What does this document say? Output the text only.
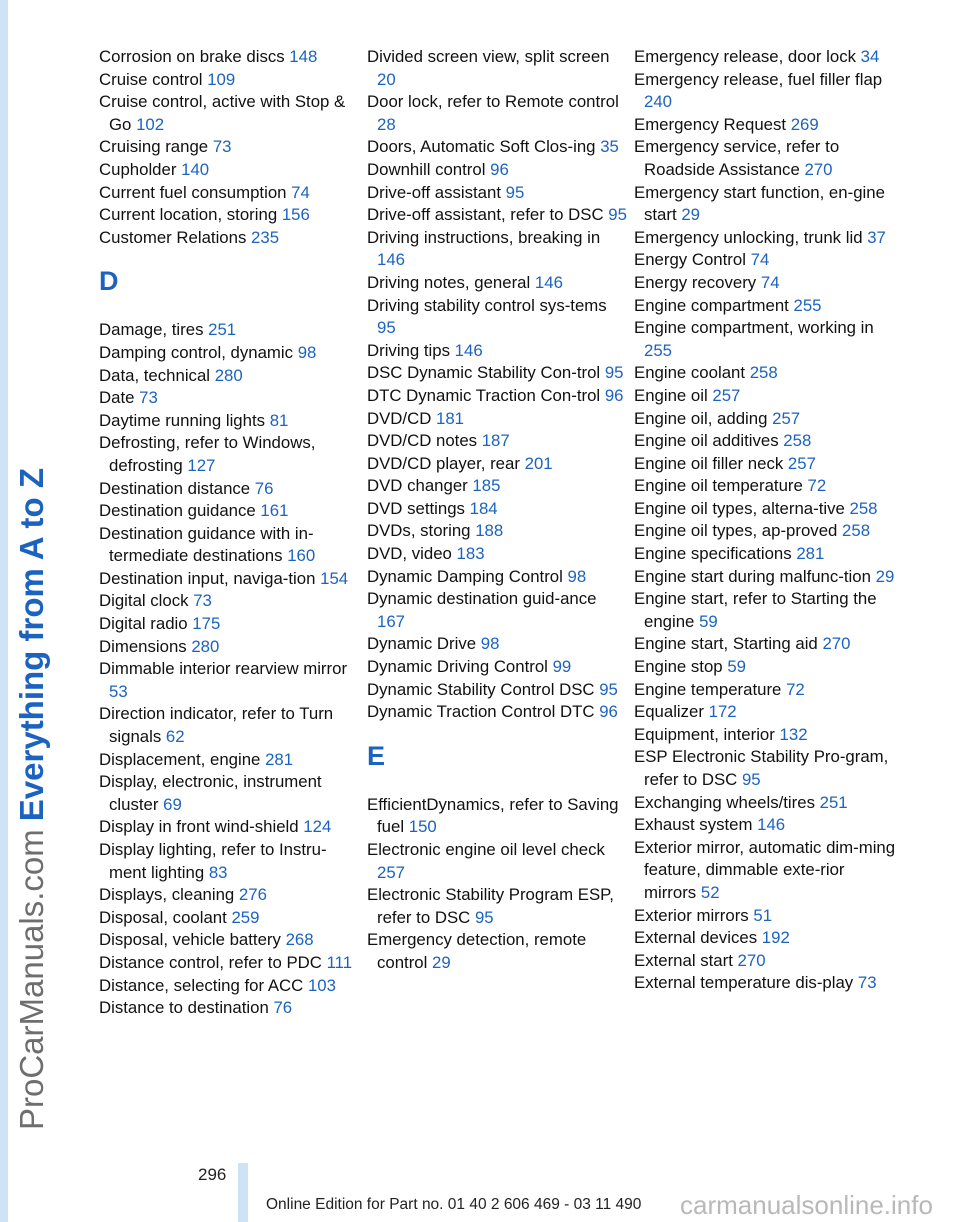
ProCarManuals.comEverything from A to Z
Corrosion on brake discs 148
Cruise control 109
Cruise control, active with Stop & Go 102
Cruising range 73
Cupholder 140
Current fuel consumption 74
Current location, storing 156
Customer Relations 235
D
Damage, tires 251
Damping control, dynamic 98
Data, technical 280
Date 73
Daytime running lights 81
Defrosting, refer to Windows, defrosting 127
Destination distance 76
Destination guidance 161
Destination guidance with in‐termediate destinations 160
Destination input, naviga‐tion 154
Digital clock 73
Digital radio 175
Dimensions 280
Dimmable interior rearview mirror 53
Direction indicator, refer to Turn signals 62
Displacement, engine 281
Display, electronic, instrument cluster 69
Display in front wind‐shield 124
Display lighting, refer to Instru‐ment lighting 83
Displays, cleaning 276
Disposal, coolant 259
Disposal, vehicle battery 268
Distance control, refer to PDC 111
Distance, selecting for ACC 103
Distance to destination 76
Divided screen view, split screen 20
Door lock, refer to Remote control 28
Doors, Automatic Soft Clos‐ing 35
Downhill control 96
Drive-off assistant 95
Drive-off assistant, refer to DSC 95
Driving instructions, breaking in 146
Driving notes, general 146
Driving stability control sys‐tems 95
Driving tips 146
DSC Dynamic Stability Con‐trol 95
DTC Dynamic Traction Con‐trol 96
DVD/CD 181
DVD/CD notes 187
DVD/CD player, rear 201
DVD changer 185
DVD settings 184
DVDs, storing 188
DVD, video 183
Dynamic Damping Control 98
Dynamic destination guid‐ance 167
Dynamic Drive 98
Dynamic Driving Control 99
Dynamic Stability Control DSC 95
Dynamic Traction Control DTC 96
E
EfficientDynamics, refer to Saving fuel 150
Electronic engine oil level check 257
Electronic Stability Program ESP, refer to DSC 95
Emergency detection, remote control 29
Emergency release, door lock 34
Emergency release, fuel filler flap 240
Emergency Request 269
Emergency service, refer to Roadside Assistance 270
Emergency start function, en‐gine start 29
Emergency unlocking, trunk lid 37
Energy Control 74
Energy recovery 74
Engine compartment 255
Engine compartment, working in 255
Engine coolant 258
Engine oil 257
Engine oil, adding 257
Engine oil additives 258
Engine oil filler neck 257
Engine oil temperature 72
Engine oil types, alterna‐tive 258
Engine oil types, ap‐proved 258
Engine specifications 281
Engine start during malfunc‐tion 29
Engine start, refer to Starting the engine 59
Engine start, Starting aid 270
Engine stop 59
Engine temperature 72
Equalizer 172
Equipment, interior 132
ESP Electronic Stability Pro‐gram, refer to DSC 95
Exchanging wheels/tires 251
Exhaust system 146
Exterior mirror, automatic dim‐ming feature, dimmable exte‐rior mirrors 52
Exterior mirrors 51
External devices 192
External start 270
External temperature dis‐play 73
296
Online Edition for Part no. 01 40 2 606 469 - 03 11 490 carmanualsonline.info
